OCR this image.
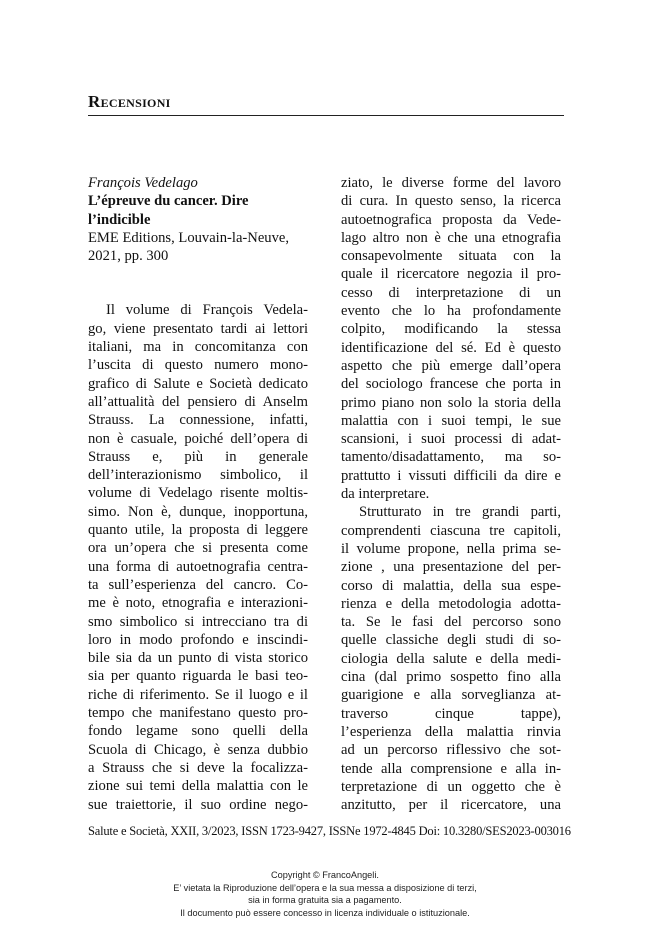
Recensioni
François Vedelago
L’épreuve du cancer. Dire
l’indicible
EME Editions, Louvain-la-Neuve,
2021, pp. 300
Il volume di François Vedela-
go, viene presentato tardi ai lettori
italiani, ma in concomitanza con
l’uscita di questo numero mono-
grafico di Salute e Società dedicato
all’attualità del pensiero di Anselm
Strauss. La connessione, infatti,
non è casuale, poiché dell’opera di
Strauss e, più in generale
dell’interazionismo simbolico, il
volume di Vedelago risente moltis-
simo. Non è, dunque, inopportuna,
quanto utile, la proposta di leggere
ora un’opera che si presenta come
una forma di autoetnografia centra-
ta sull’esperienza del cancro. Co-
me è noto, etnografia e interazioni-
smo simbolico si intrecciano tra di
loro in modo profondo e inscindi-
bile sia da un punto di vista storico
sia per quanto riguarda le basi teo-
riche di riferimento. Se il luogo e il
tempo che manifestano questo pro-
fondo legame sono quelli della
Scuola di Chicago, è senza dubbio
a Strauss che si deve la focalizza-
zione sui temi della malattia con le
sue traiettorie, il suo ordine nego-
ziato, le diverse forme del lavoro
di cura. In questo senso, la ricerca
autoetnografica proposta da Vede-
lago altro non è che una etnografia
consapevolmente situata con la
quale il ricercatore negozia il pro-
cesso di interpretazione di un
evento che lo ha profondamente
colpito, modificando la stessa
identificazione del sé. Ed è questo
aspetto che più emerge dall’opera
del sociologo francese che porta in
primo piano non solo la storia della
malattia con i suoi tempi, le sue
scansioni, i suoi processi di adat-
tamento/disadattamento, ma so-
prattutto i vissuti difficili da dire e
da interpretare.
Strutturato in tre grandi parti,
comprendenti ciascuna tre capitoli,
il volume propone, nella prima se-
zione , una presentazione del per-
corso di malattia, della sua espe-
rienza e della metodologia adotta-
ta. Se le fasi del percorso sono
quelle classiche degli studi di so-
ciologia della salute e della medi-
cina (dal primo sospetto fino alla
guarigione e alla sorveglianza at-
traverso cinque tappe),
l’esperienza della malattia rinvia
ad un percorso riflessivo che sot-
tende alla comprensione e alla in-
terpretazione di un oggetto che è
anzitutto, per il ricercatore, una
Salute e Società, XXII, 3/2023, ISSN 1723-9427, ISSNe 1972-4845 Doi: 10.3280/SES2023-003016
Copyright © FrancoAngeli.
E’ vietata la Riproduzione dell’opera e la sua messa a disposizione di terzi,
sia in forma gratuita sia a pagamento.
Il documento può essere concesso in licenza individuale o istituzionale.
